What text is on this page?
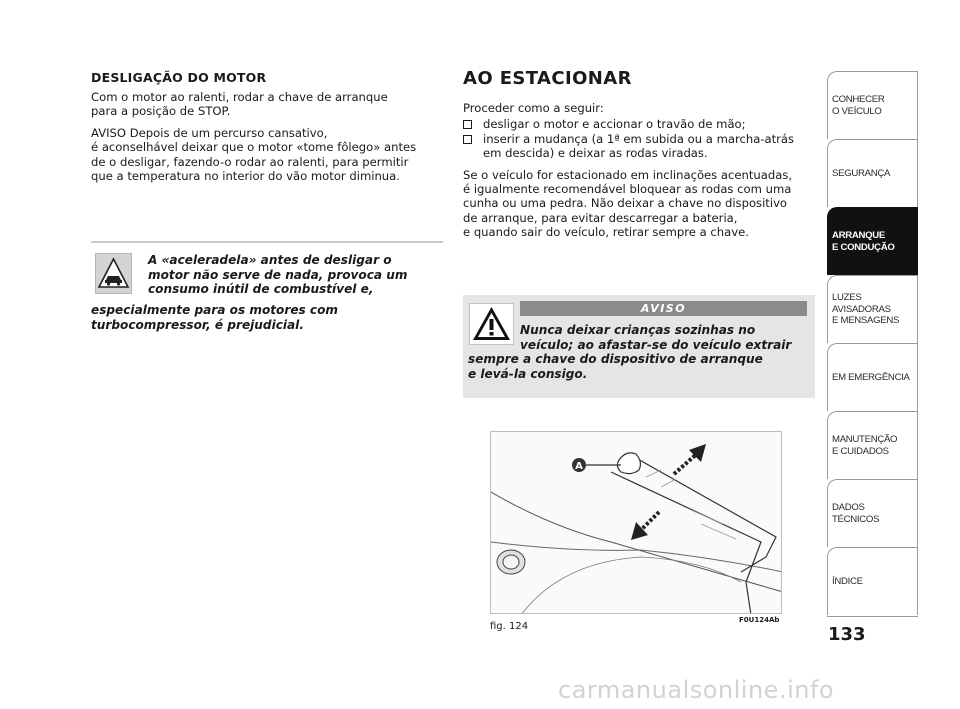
DESLIGAÇÃO DO MOTOR
Com o motor ao ralenti, rodar a chave de arranque
para a posição de STOP.
AVISO Depois de um percurso cansativo,
é aconselhável deixar que o motor «tome fôlego» antes
de o desligar, fazendo-o rodar ao ralenti, para permitir
que a temperatura no interior do vão motor diminua.
A «aceleradela» antes de desligar o
motor não serve de nada, provoca um
consumo inútil de combustível e,
especialmente para os motores com
turbocompressor, é prejudicial.
AO ESTACIONAR
Proceder como a seguir:
desligar o motor e accionar o travão de mão;
inserir a mudança (a 1ª em subida ou a marcha-atrás
em descida) e deixar as rodas viradas.
Se o veículo for estacionado em inclinações acentuadas,
é igualmente recomendável bloquear as rodas com uma
cunha ou uma pedra. Não deixar a chave no dispositivo
de arranque, para evitar descarregar a bateria,
e quando sair do veículo, retirar sempre a chave.
AVISO
Nunca deixar crianças sozinhas no
veículo; ao afastar-se do veículo extrair
sempre a chave do dispositivo de arranque
e levá-la consigo.
A
fig. 124
F0U124Ab
CONHECER
O VEÍCULO
SEGURANÇA
ARRANQUE
E CONDUÇÃO
LUZES
AVISADORAS
E MENSAGENS
EM EMERGÊNCIA
MANUTENÇÃO
E CUIDADOS
DADOS
TÉCNICOS
ÍNDICE
133
carmanualsonline.info
